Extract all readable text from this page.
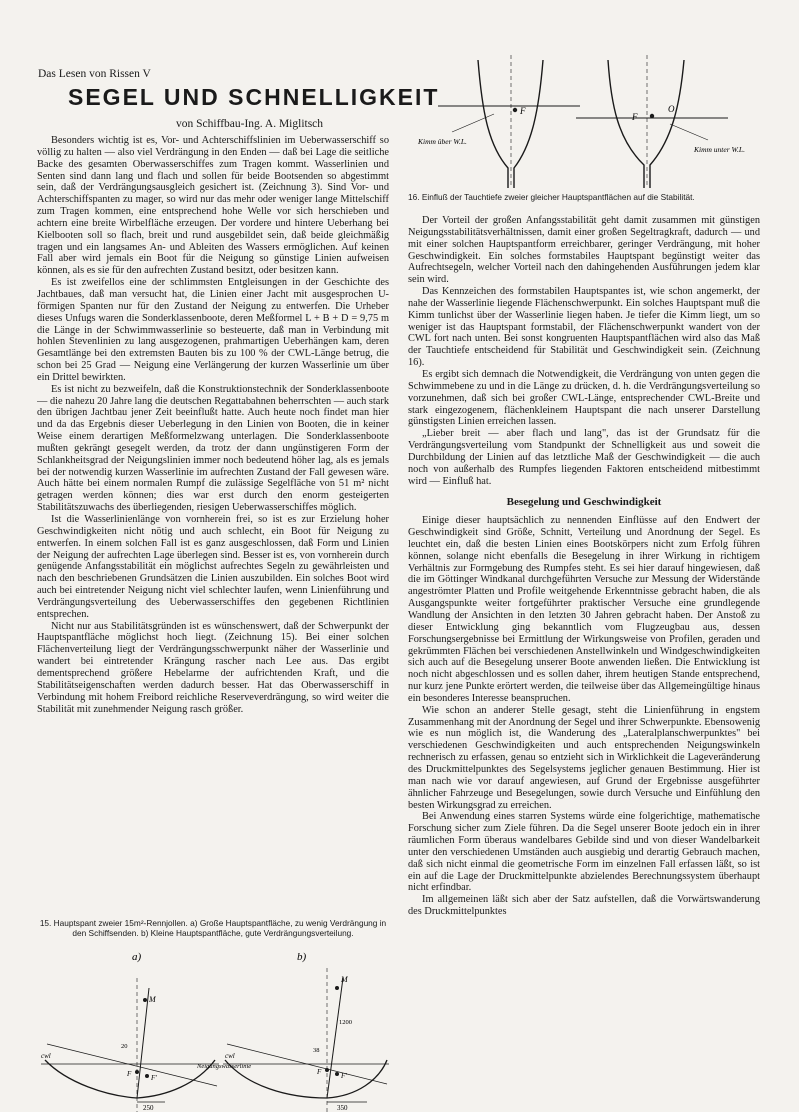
Das Lesen von Rissen V
SEGEL UND SCHNELLIGKEIT
von Schiffbau-Ing. A. Miglitsch

Besonders wichtig ist es, Vor- und Achterschiffslinien im Ueberwasserschiff so völlig zu halten — also viel Verdrängung in den Enden — daß bei Lage die seitliche Backe des gesamten Oberwasserschiffes zum Tragen kommt. Wasserlinien und Senten sind dann lang und flach und sollen für beide Bootsenden so abgestimmt sein, daß der Verdrängungsausgleich gesichert ist. (Zeichnung 3). Sind Vor- und Achterschiffspanten zu mager, so wird nur das mehr oder weniger lange Mittelschiff zum Tragen kommen, eine entsprechend hohe Welle vor sich herschieben und achtern eine breite Wirbelfläche erzeugen. Der vordere und hintere Ueberhang bei Kielbooten soll so flach, breit und rund ausgebildet sein, daß beide gleichmäßig tragen und ein langsames An- und Ableiten des Wassers ermöglichen. Auf keinen Fall aber wird jemals ein Boot für die Neigung so günstige Linien aufweisen können, als es sie für den aufrechten Zustand besitzt, oder besitzen kann.

Es ist zweifellos eine der schlimmsten Entgleisungen in der Geschichte des Jachtbaues, daß man versucht hat, die Linien einer Jacht mit ausgesprochen U-förmigen Spanten nur für den Zustand der Neigung zu entwerfen. Die Urheber dieses Unfugs waren die Sonderklassenboote, deren Meßformel L + B + D = 9,75 m die Länge in der Schwimmwasserlinie so besteuerte, daß man in Verbindung mit hohlen Stevenlinien zu lang ausgezogenen, prahmartigen Ueberhängen kam, deren Gesamtlänge bei den extremsten Bauten bis zu 100 % der CWL-Länge betrug, die schon bei 25 Grad — Neigung eine Verlängerung der kurzen Wasserlinie um über ein Drittel bewirkten.

Es ist nicht zu bezweifeln, daß die Konstruktionstechnik der Sonderklassenboote — die nahezu 20 Jahre lang die deutschen Regattabahnen beherrschten — auch stark den übrigen Jachtbau jener Zeit beeinflußt hatte. Auch heute noch findet man hier und da das Ergebnis dieser Ueberlegung in den Linien von Booten, die in keiner Weise einem derartigen Meßformelzwang unterlagen. Die Sonderklassenboote mußten gekrängt gesegelt werden, da trotz der dann ungünstigeren Form der Schlankheitsgrad der Neigungslinien immer noch bedeutend höher lag, als es jemals bei der notwendig kurzen Wasserlinie im aufrechten Zustand der Fall gewesen wäre. Auch hätte bei einem normalen Rumpf die zulässige Segelfläche von 51 m² nicht getragen werden können; dies war erst durch den enorm gesteigerten Stabilitätszuwachs des überliegenden, riesigen Ueberwasserschiffes möglich.

Ist die Wasserlinienlänge von vornherein frei, so ist es zur Erzielung hoher Geschwindigkeiten nicht nötig und auch schlecht, ein Boot für Neigung zu entwerfen. In einem solchen Fall ist es ganz ausgeschlossen, daß Form und Linien der Neigung der aufrechten Lage überlegen sind. Besser ist es, von vornherein durch genügende Anfangsstabilität ein möglichst aufrechtes Segeln zu gewährleisten und nach den beschriebenen Grundsätzen die Linien auszubilden. Ein solches Boot wird auch bei eintretender Neigung nicht viel schlechter laufen, wenn Linienführung und Verdrängungsverteilung des Ueberwasserschiffes den gegebenen Richtlinien entsprechen.

Nicht nur aus Stabilitätsgründen ist es wünschenswert, daß der Schwerpunkt der Hauptspantfläche möglichst hoch liegt. (Zeichnung 15). Bei einer solchen Flächenverteilung liegt der Verdrängungsschwerpunkt näher der Wasserlinie und wandert bei eintretender Krängung rascher nach Lee aus. Das ergibt dementsprechend größere Hebelarme der aufrichtenden Kraft, und die Stabilitätseigenschaften werden dadurch besser. Hat das Oberwasserschiff in Verbindung mit hohem Freibord reichliche Reserveverdrängung, so wird weiter die Stabilität mit zunehmender Neigung rasch größer.

F
F
O
Kimm über W.L.
Kimm unter W.L.
16. Einfluß der Tauchtiefe zweier gleicher Hauptspantflächen auf die Stabilität.

Der Vorteil der großen Anfangsstabilität geht damit zusammen mit günstigen Neigungsstabilitätsverhältnissen, damit einer großen Segeltragkraft, dadurch — und mit einer solchen Hauptspantform erreichbarer, geringer Verdrängung, mit hoher Geschwindigkeit. Ein solches formstabiles Hauptspant begünstigt weiter das Aufrechtsegeln, welcher Vorteil nach den dahingehenden Ausführungen jedem klar sein wird.

Das Kennzeichen des formstabilen Hauptspantes ist, wie schon angemerkt, der nahe der Wasserlinie liegende Flächenschwerpunkt. Ein solches Hauptspant muß die Kimm tunlichst über der Wasserlinie liegen haben. Je tiefer die Kimm liegt, um so weniger ist das Hauptspant formstabil, der Flächenschwerpunkt wandert von der CWL fort nach unten. Bei sonst kongruenten Hauptspantflächen wird also das Maß der Tauchtiefe entscheidend für Stabilität und Geschwindigkeit sein. (Zeichnung 16).

Es ergibt sich demnach die Notwendigkeit, die Verdrängung von unten gegen die Schwimmebene zu und in die Länge zu drücken, d. h. die Verdrängungsverteilung so vorzunehmen, daß sich bei großer CWL-Länge, entsprechender CWL-Breite und stark eingezogenem, flächenkleinem Hauptspant die nach unserer Darstellung günstigsten Linien erreichen lassen.

„Lieber breit — aber flach und lang", das ist der Grundsatz für die Verdrängungsverteilung vom Standpunkt der Schnelligkeit aus und soweit die Durchbildung der Linien auf das letztliche Maß der Geschwindigkeit — die auch noch von außerhalb des Rumpfes liegenden Faktoren entscheidend mitbestimmt wird — Einfluß hat.

Besegelung und Geschwindigkeit

Einige dieser hauptsächlich zu nennenden Einflüsse auf den Endwert der Geschwindigkeit sind Größe, Schnitt, Verteilung und Anordnung der Segel. Es leuchtet ein, daß die besten Linien eines Bootskörpers nicht zum Erfolg führen können, solange nicht ebenfalls die Besegelung in ihrer Wirkung in richtigem Verhältnis zur Formgebung des Rumpfes steht. Es sei hier darauf hingewiesen, daß die im Göttinger Windkanal durchgeführten Versuche zur Messung der Widerstände angeströmter Platten und Profile weitgehende Erkenntnisse gebracht haben, die als Ausgangspunkte weiter fortgeführter praktischer Versuche eine grundlegende Wandlung der Ansichten in den letzten 30 Jahren gebracht haben. Der Anstoß zu dieser Entwicklung ging bekanntlich vom Flugzeugbau aus, dessen Forschungsergebnisse bei Ermittlung der Wirkungsweise von Profilen, geraden und gekrümmten Flächen bei verschiedenen Anstellwinkeln und Windgeschwindigkeiten sich auch auf die Besegelung unserer Boote anwenden ließen. Die Entwicklung ist noch nicht abgeschlossen und es sollen daher, ihrem heutigen Stande entsprechend, nur kurz jene Punkte erörtert werden, die teilweise über das Allgemeingültige hinaus ein besonderes Interesse beanspruchen.

Wie schon an anderer Stelle gesagt, steht die Linienführung in engstem Zusammenhang mit der Anordnung der Segel und ihrer Schwerpunkte. Ebensowenig wie es nun möglich ist, die Wanderung des „Lateralplanschwerpunktes" bei verschiedenen Geschwindigkeiten und auch entsprechenden Neigungswinkeln rechnerisch zu erfassen, genau so entzieht sich in Wirklichkeit die Lageveränderung des Druckmittelpunktes des Segelsystems jeglicher genauen Bestimmung. Hier ist man nach wie vor darauf angewiesen, auf Grund der Ergebnisse ausgeführter ähnlicher Fahrzeuge und Besegelungen, sowie durch Versuche und Einfühlung den besten Wirkungsgrad zu erreichen.

Bei Anwendung eines starren Systems würde eine folgerichtige, mathematische Forschung sicher zum Ziele führen. Da die Segel unserer Boote jedoch ein in ihrer räumlichen Form überaus wandelbares Gebilde sind und von dieser Wandelbarkeit unter den verschiedenen Umständen auch ausgiebig und derartig Gebrauch machen, daß sich nicht einmal die geometrische Form im einzelnen Fall erfassen läßt, so ist ein auf die Lage der Druckmittelpunkte abzielendes Berechnungssystem überhaupt nicht erfindbar.

Im allgemeinen läßt sich aber der Satz aufstellen, daß die Vorwärtswanderung des Druckmittelpunktes

15. Hauptspant zweier 15m²-Rennjollen. a) Große Hauptspantfläche, zu wenig Verdrängung in den Schiffsenden. b) Kleine Hauptspantfläche, gute Verdrängungsverteilung.
a)	b)
M
M
F	F'
F	F'
cwl	cwl
Neigungswasserlinie
250	350
20
38
1200
